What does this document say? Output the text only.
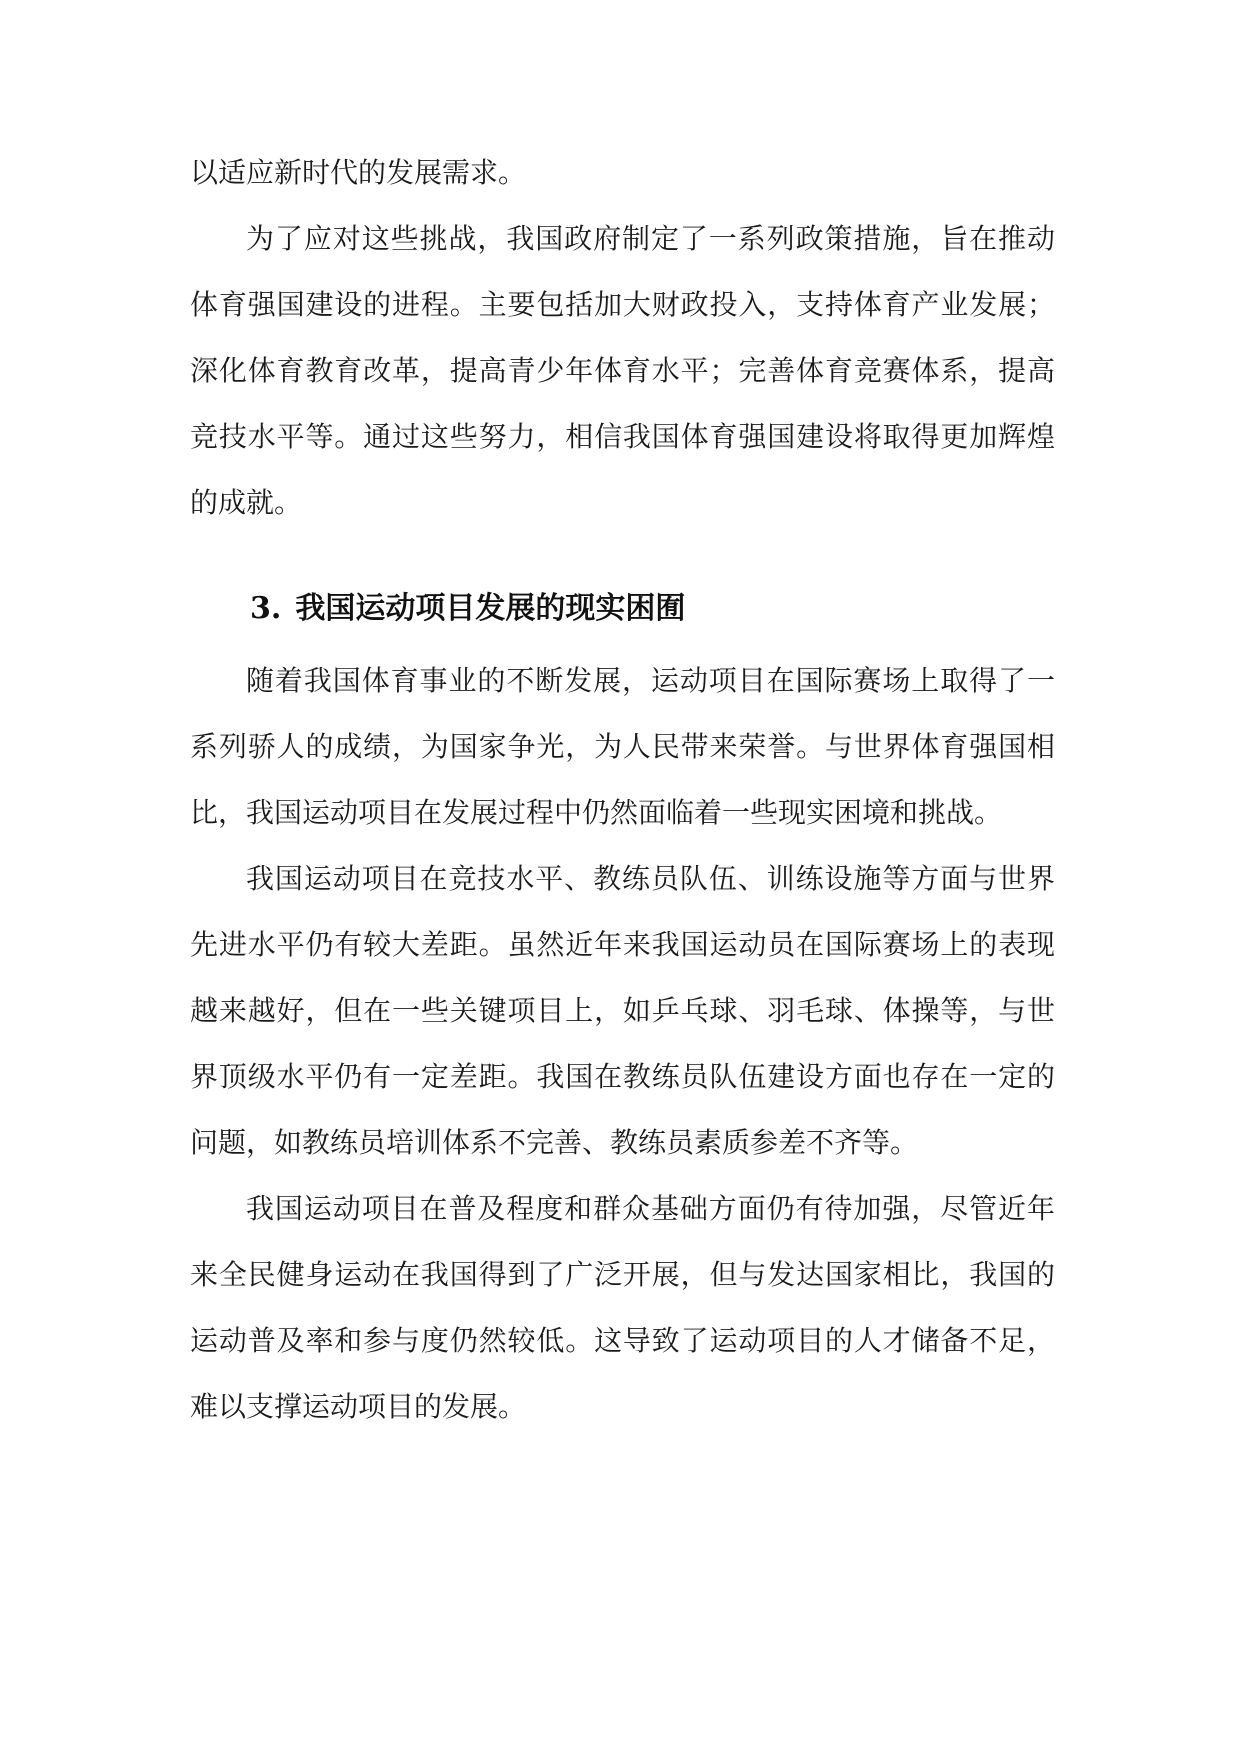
以适应新时代的发展需求。

为了应对这些挑战，我国政府制定了一系列政策措施，旨在推动体育强国建设的进程。主要包括加大财政投入，支持体育产业发展；深化体育教育改革，提高青少年体育水平；完善体育竞赛体系，提高竞技水平等。通过这些努力，相信我国体育强国建设将取得更加辉煌的成就。

3. 我国运动项目发展的现实困囿

随着我国体育事业的不断发展，运动项目在国际赛场上取得了一系列骄人的成绩，为国家争光，为人民带来荣誉。与世界体育强国相比，我国运动项目在发展过程中仍然面临着一些现实困境和挑战。

我国运动项目在竞技水平、教练员队伍、训练设施等方面与世界先进水平仍有较大差距。虽然近年来我国运动员在国际赛场上的表现越来越好，但在一些关键项目上，如乒乓球、羽毛球、体操等，与世界顶级水平仍有一定差距。我国在教练员队伍建设方面也存在一定的问题，如教练员培训体系不完善、教练员素质参差不齐等。

我国运动项目在普及程度和群众基础方面仍有待加强，尽管近年来全民健身运动在我国得到了广泛开展，但与发达国家相比，我国的运动普及率和参与度仍然较低。这导致了运动项目的人才储备不足，难以支撑运动项目的发展。
